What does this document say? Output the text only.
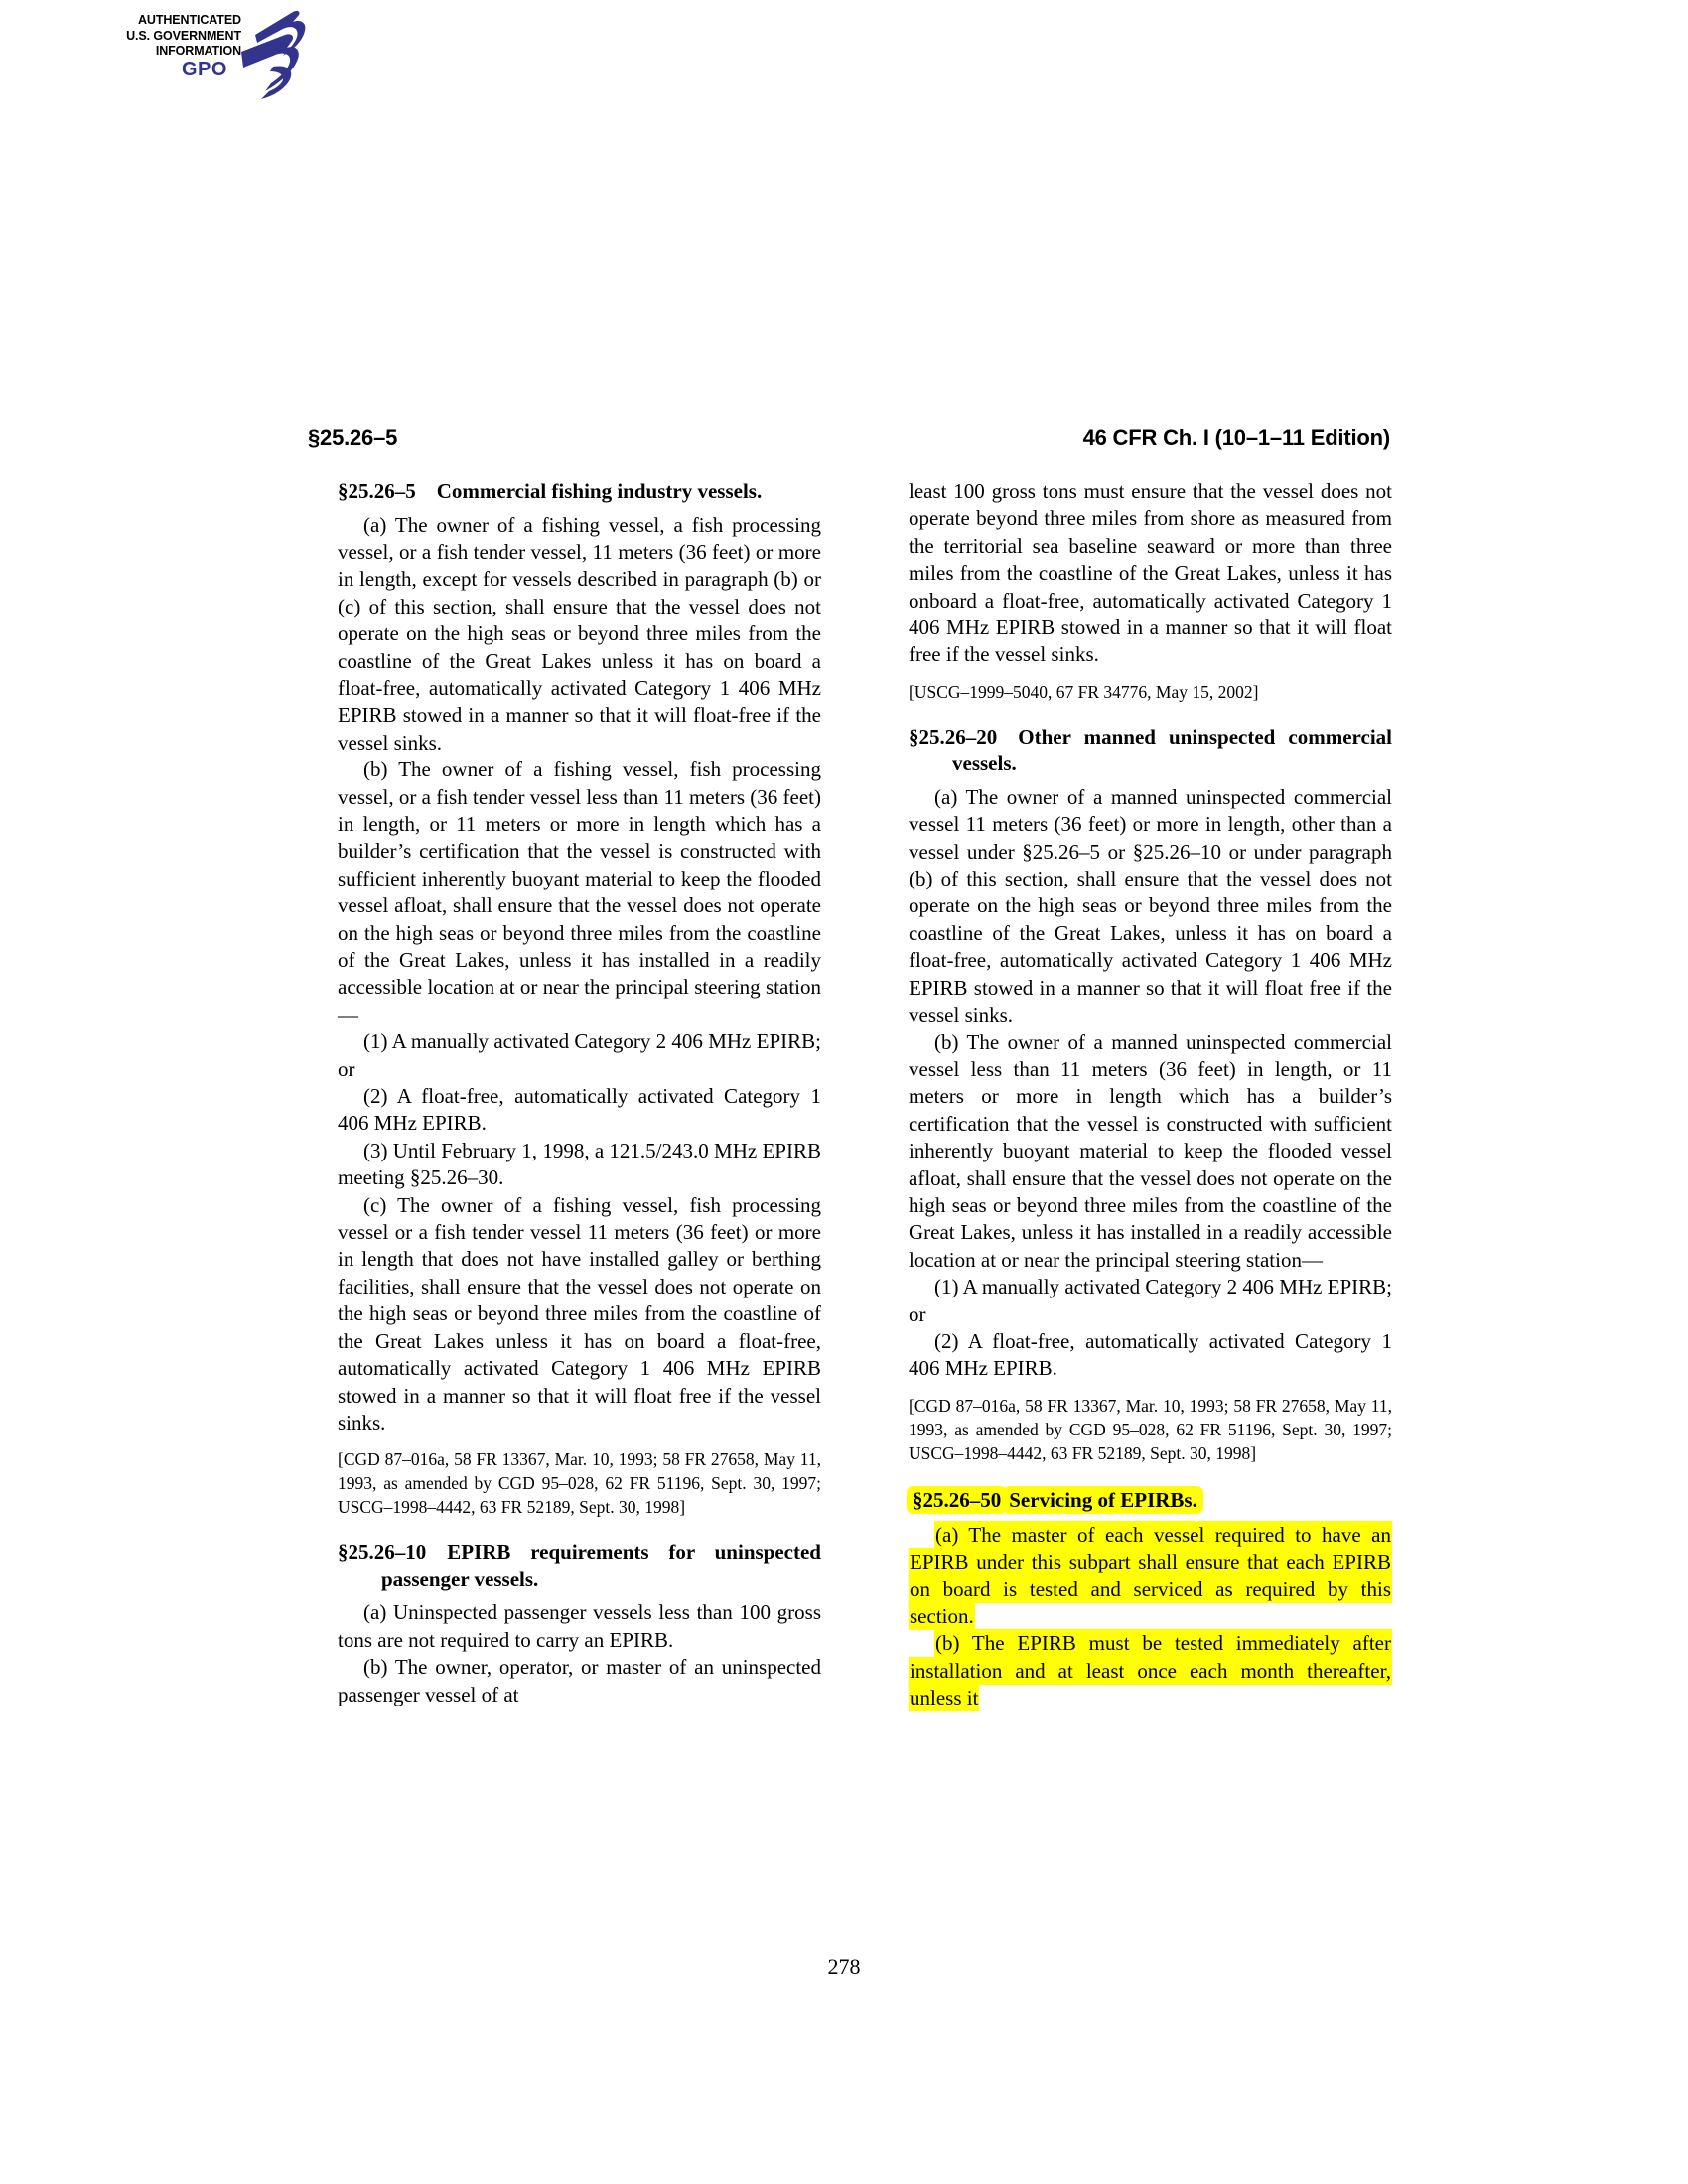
AUTHENTICATED
U.S. GOVERNMENT
INFORMATION
GPO
§25.26–5	46 CFR Ch. I (10–1–11 Edition)
§25.26–5 Commercial fishing industry vessels.

(a) The owner of a fishing vessel, a fish processing vessel, or a fish tender vessel, 11 meters (36 feet) or more in length, except for vessels described in paragraph (b) or (c) of this section, shall ensure that the vessel does not operate on the high seas or beyond three miles from the coastline of the Great Lakes unless it has on board a float-free, automatically activated Category 1 406 MHz EPIRB stowed in a manner so that it will float-free if the vessel sinks.

(b) The owner of a fishing vessel, fish processing vessel, or a fish tender vessel less than 11 meters (36 feet) in length, or 11 meters or more in length which has a builder’s certification that the vessel is constructed with sufficient inherently buoyant material to keep the flooded vessel afloat, shall ensure that the vessel does not operate on the high seas or beyond three miles from the coastline of the Great Lakes, unless it has installed in a readily accessible location at or near the principal steering station—

(1) A manually activated Category 2 406 MHz EPIRB; or

(2) A float-free, automatically activated Category 1 406 MHz EPIRB.

(3) Until February 1, 1998, a 121.5/243.0 MHz EPIRB meeting §25.26–30.

(c) The owner of a fishing vessel, fish processing vessel or a fish tender vessel 11 meters (36 feet) or more in length that does not have installed galley or berthing facilities, shall ensure that the vessel does not operate on the high seas or beyond three miles from the coastline of the Great Lakes unless it has on board a float-free, automatically activated Category 1 406 MHz EPIRB stowed in a manner so that it will float free if the vessel sinks.

[CGD 87–016a, 58 FR 13367, Mar. 10, 1993; 58 FR 27658, May 11, 1993, as amended by CGD 95–028, 62 FR 51196, Sept. 30, 1997; USCG–1998–4442, 63 FR 52189, Sept. 30, 1998]

§25.26–10 EPIRB requirements for uninspected passenger vessels.

(a) Uninspected passenger vessels less than 100 gross tons are not required to carry an EPIRB.

(b) The owner, operator, or master of an uninspected passenger vessel of at

least 100 gross tons must ensure that the vessel does not operate beyond three miles from shore as measured from the territorial sea baseline seaward or more than three miles from the coastline of the Great Lakes, unless it has onboard a float-free, automatically activated Category 1 406 MHz EPIRB stowed in a manner so that it will float free if the vessel sinks.

[USCG–1999–5040, 67 FR 34776, May 15, 2002]

§25.26–20 Other manned uninspected commercial vessels.

(a) The owner of a manned uninspected commercial vessel 11 meters (36 feet) or more in length, other than a vessel under §25.26–5 or §25.26–10 or under paragraph (b) of this section, shall ensure that the vessel does not operate on the high seas or beyond three miles from the coastline of the Great Lakes, unless it has on board a float-free, automatically activated Category 1 406 MHz EPIRB stowed in a manner so that it will float free if the vessel sinks.

(b) The owner of a manned uninspected commercial vessel less than 11 meters (36 feet) in length, or 11 meters or more in length which has a builder’s certification that the vessel is constructed with sufficient inherently buoyant material to keep the flooded vessel afloat, shall ensure that the vessel does not operate on the high seas or beyond three miles from the coastline of the Great Lakes, unless it has installed in a readily accessible location at or near the principal steering station—

(1) A manually activated Category 2 406 MHz EPIRB; or

(2) A float-free, automatically activated Category 1 406 MHz EPIRB.

[CGD 87–016a, 58 FR 13367, Mar. 10, 1993; 58 FR 27658, May 11, 1993, as amended by CGD 95–028, 62 FR 51196, Sept. 30, 1997; USCG–1998–4442, 63 FR 52189, Sept. 30, 1998]

§25.26–50 Servicing of EPIRBs.

(a) The master of each vessel required to have an EPIRB under this subpart shall ensure that each EPIRB on board is tested and serviced as required by this section.

(b) The EPIRB must be tested immediately after installation and at least once each month thereafter, unless it

278
